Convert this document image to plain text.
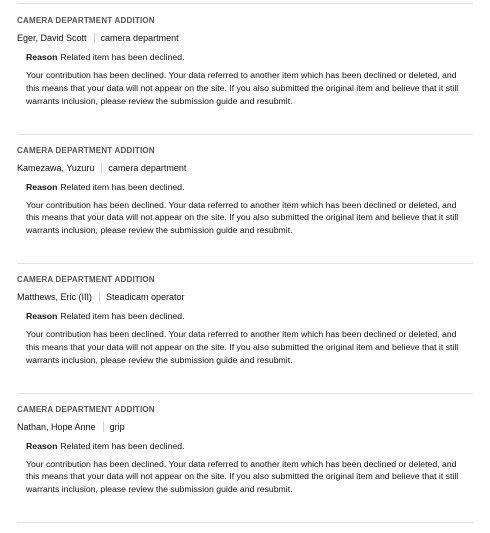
CAMERA DEPARTMENT ADDITION
Eger, David Scott camera department
Reason Related item has been declined.
Your contribution has been declined. Your data referred to another item which has been declined or deleted, and this means that your data will not appear on the site. If you also submitted the original item and believe that it still warrants inclusion, please review the submission guide and resubmit.
CAMERA DEPARTMENT ADDITION
Kamezawa, Yuzuru camera department
Reason Related item has been declined.
Your contribution has been declined. Your data referred to another item which has been declined or deleted, and this means that your data will not appear on the site. If you also submitted the original item and believe that it still warrants inclusion, please review the submission guide and resubmit.
CAMERA DEPARTMENT ADDITION
Matthews, Eric (III) Steadicam operator
Reason Related item has been declined.
Your contribution has been declined. Your data referred to another item which has been declined or deleted, and this means that your data will not appear on the site. If you also submitted the original item and believe that it still warrants inclusion, please review the submission guide and resubmit.
CAMERA DEPARTMENT ADDITION
Nathan, Hope Anne grip
Reason Related item has been declined.
Your contribution has been declined. Your data referred to another item which has been declined or deleted, and this means that your data will not appear on the site. If you also submitted the original item and believe that it still warrants inclusion, please review the submission guide and resubmit.
